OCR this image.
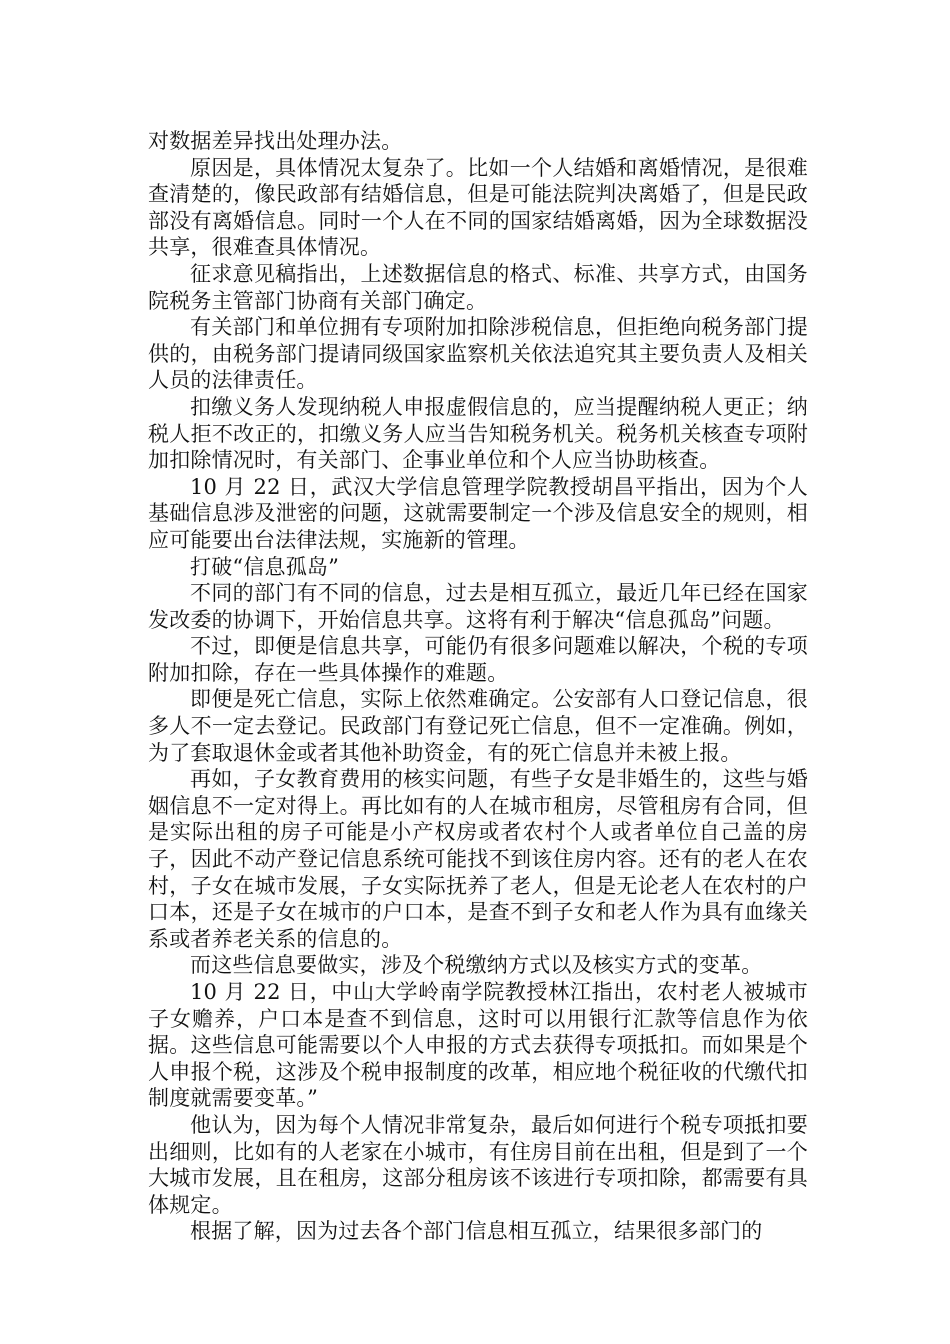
对数据差异找出处理办法。

原因是，具体情况太复杂了。比如一个人结婚和离婚情况，是很难查清楚的，像民政部有结婚信息，但是可能法院判决离婚了，但是民政部没有离婚信息。同时一个人在不同的国家结婚离婚，因为全球数据没共享，很难查具体情况。

征求意见稿指出，上述数据信息的格式、标准、共享方式，由国务院税务主管部门协商有关部门确定。

有关部门和单位拥有专项附加扣除涉税信息，但拒绝向税务部门提供的，由税务部门提请同级国家监察机关依法追究其主要负责人及相关人员的法律责任。

扣缴义务人发现纳税人申报虚假信息的，应当提醒纳税人更正；纳税人拒不改正的，扣缴义务人应当告知税务机关。税务机关核查专项附加扣除情况时，有关部门、企事业单位和个人应当协助核查。

10 月 22 日，武汉大学信息管理学院教授胡昌平指出，因为个人基础信息涉及泄密的问题，这就需要制定一个涉及信息安全的规则，相应可能要出台法律法规，实施新的管理。

打破“信息孤岛”

不同的部门有不同的信息，过去是相互孤立，最近几年已经在国家发改委的协调下，开始信息共享。这将有利于解决“信息孤岛”问题。

不过，即便是信息共享，可能仍有很多问题难以解决，个税的专项附加扣除，存在一些具体操作的难题。

即便是死亡信息，实际上依然难确定。公安部有人口登记信息，很多人不一定去登记。民政部门有登记死亡信息，但不一定准确。例如，为了套取退休金或者其他补助资金，有的死亡信息并未被上报。

再如，子女教育费用的核实问题，有些子女是非婚生的，这些与婚姻信息不一定对得上。再比如有的人在城市租房，尽管租房有合同，但是实际出租的房子可能是小产权房或者农村个人或者单位自己盖的房子，因此不动产登记信息系统可能找不到该住房内容。还有的老人在农村，子女在城市发展，子女实际抚养了老人，但是无论老人在农村的户口本，还是子女在城市的户口本，是查不到子女和老人作为具有血缘关系或者养老关系的信息的。

而这些信息要做实，涉及个税缴纳方式以及核实方式的变革。

10 月 22 日，中山大学岭南学院教授林江指出，农村老人被城市子女赡养，户口本是查不到信息，这时可以用银行汇款等信息作为依据。这些信息可能需要以个人申报的方式去获得专项抵扣。而如果是个人申报个税，这涉及个税申报制度的改革，相应地个税征收的代缴代扣制度就需要变革。”

他认为，因为每个人情况非常复杂，最后如何进行个税专项抵扣要出细则，比如有的人老家在小城市，有住房目前在出租，但是到了一个大城市发展，且在租房，这部分租房该不该进行专项扣除，都需要有具体规定。

根据了解，因为过去各个部门信息相互孤立，结果很多部门的
